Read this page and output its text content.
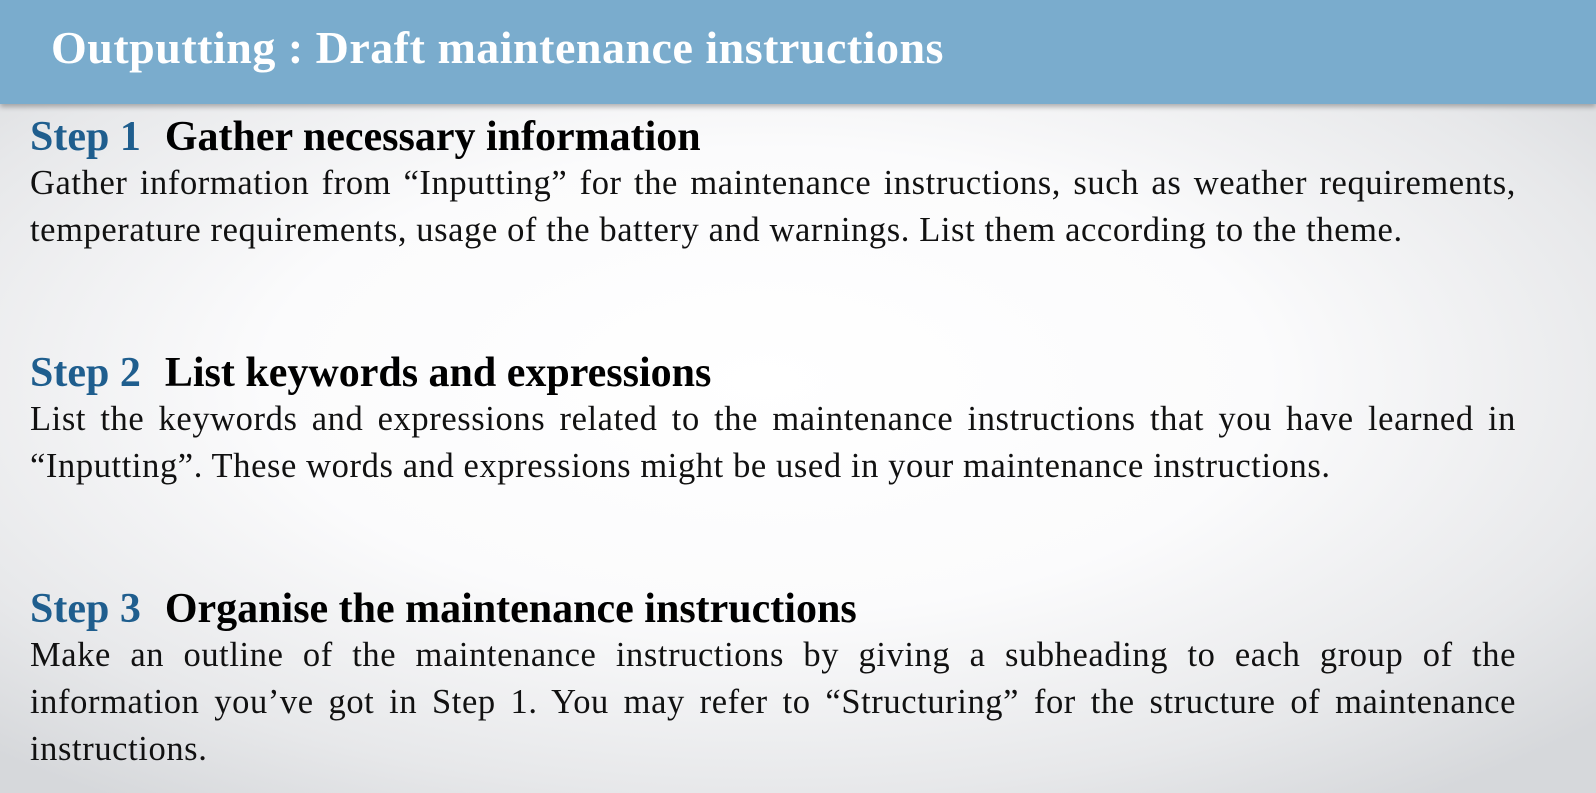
Outputting : Draft maintenance instructions
Step 1 Gather necessary information

Gather information from “Inputting” for the maintenance instructions, such as weather requirements, temperature requirements, usage of the battery and warnings. List them according to the theme.

Step 2 List keywords and expressions

List the keywords and expressions related to the maintenance instructions that you have learned in “Inputting”. These words and expressions might be used in your maintenance instructions.

Step 3 Organise the maintenance instructions

Make an outline of the maintenance instructions by giving a subheading to each group of the information you’ve got in Step 1. You may refer to “Structuring” for the structure of maintenance instructions.
